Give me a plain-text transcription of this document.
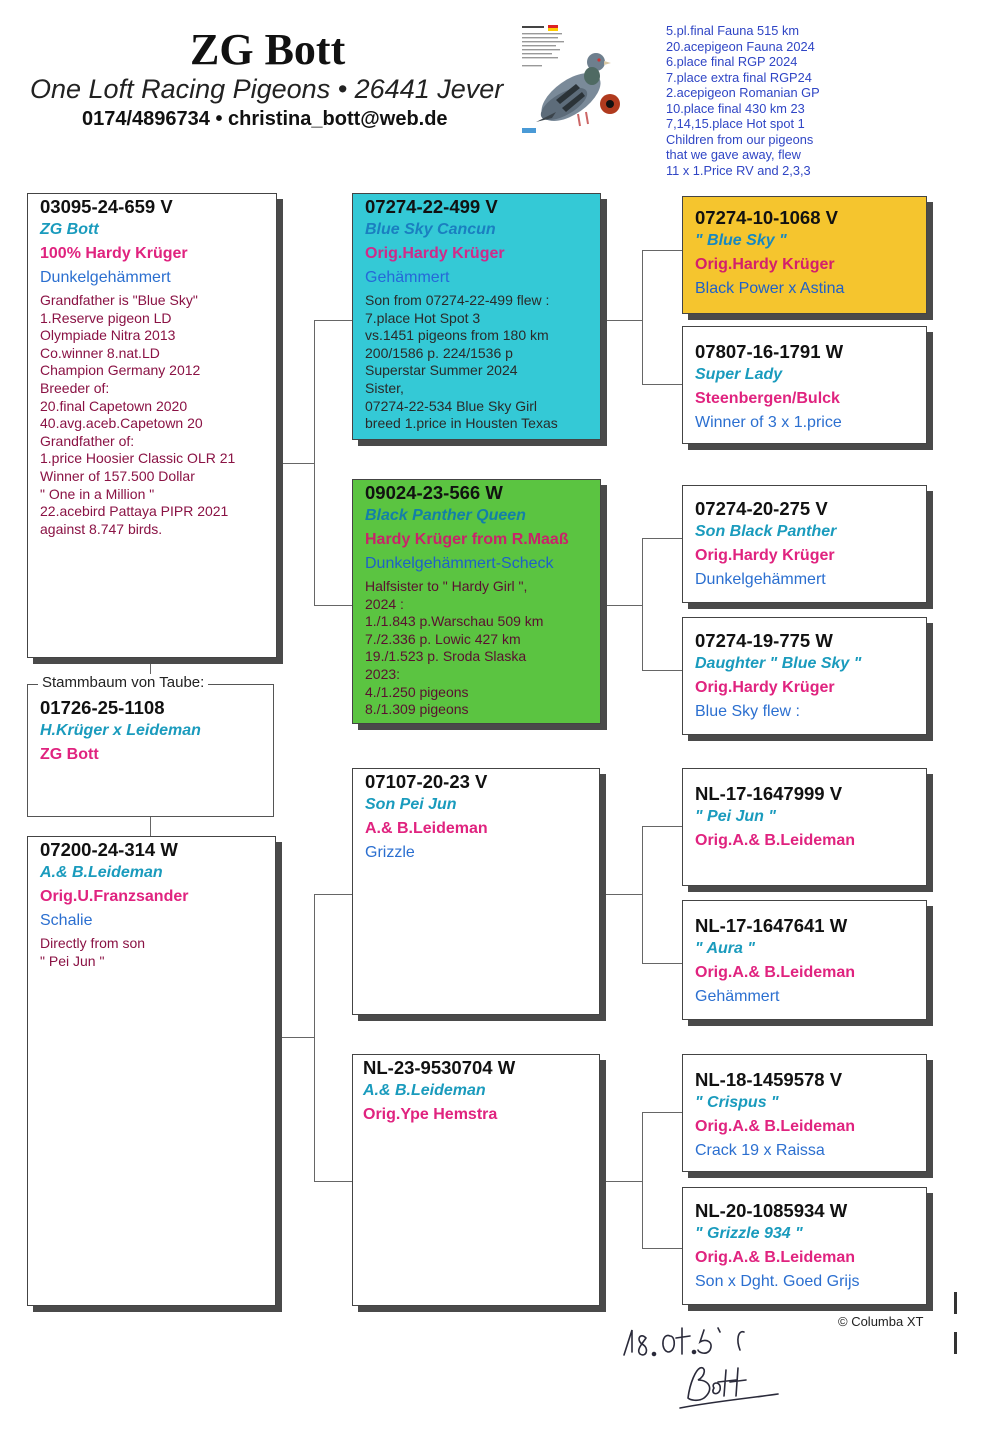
ZG Bott
One Loft Racing Pigeons • 26441 Jever
0174/4896734 • christina_bott@web.de
5.pl.final Fauna 515 km
20.acepigeon Fauna 2024
6.place final RGP 2024
7.place extra final RGP24
2.acepigeon Romanian GP
10.place final 430 km 23
7,14,15.place Hot spot 1
Children from our pigeons
that we gave away, flew
11 x 1.Price RV and 2,3,3
03095-24-659 V
ZG Bott
100% Hardy Krüger
Dunkelgehämmert
Grandfather is "Blue Sky"
1.Reserve pigeon LD
Olympiade Nitra 2013
Co.winner 8.nat.LD
Champion Germany 2012
Breeder of:
20.final Capetown 2020
40.avg.aceb.Capetown 20
Grandfather of:
1.price Hoosier Classic OLR 21
Winner of 157.500 Dollar
" One in a Million "
22.acebird Pattaya PIPR 2021
against 8.747 birds.
01726-25-1108
H.Krüger x Leideman
ZG Bott
Stammbaum von Taube:
07200-24-314 W
A.& B.Leideman
Orig.U.Franzsander
Schalie
Directly from son
" Pei Jun "
07274-22-499 V
Blue Sky Cancun
Orig.Hardy Krüger
Gehämmert
Son from 07274-22-499 flew :
7.place Hot Spot 3
vs.1451 pigeons from 180 km
200/1586 p. 224/1536 p
Superstar Summer 2024
Sister,
07274-22-534 Blue Sky Girl
breed 1.price in Housten Texas
09024-23-566 W
Black Panther Queen
Hardy Krüger from R.Maaß
Dunkelgehämmert-Scheck
Halfsister to " Hardy Girl ",
2024 :
1./1.843 p.Warschau 509 km
7./2.336 p. Lowic 427 km
19./1.523 p. Sroda Slaska
2023:
4./1.250 pigeons
8./1.309 pigeons
07107-20-23 V
Son Pei Jun
A.& B.Leideman
Grizzle
NL-23-9530704 W
A.& B.Leideman
Orig.Ype Hemstra
07274-10-1068 V
" Blue Sky "
Orig.Hardy Krüger
Black Power x Astina
07807-16-1791 W
Super Lady
Steenbergen/Bulck
Winner of 3 x 1.price
07274-20-275 V
Son Black Panther
Orig.Hardy Krüger
Dunkelgehämmert
07274-19-775 W
Daughter " Blue Sky "
Orig.Hardy Krüger
Blue Sky flew :
NL-17-1647999 V
" Pei Jun "
Orig.A.& B.Leideman
NL-17-1647641 W
" Aura "
Orig.A.& B.Leideman
Gehämmert
NL-18-1459578 V
" Crispus "
Orig.A.& B.Leideman
Crack 19 x Raissa
NL-20-1085934 W
" Grizzle 934 "
Orig.A.& B.Leideman
Son x Dght. Goed Grijs
© Columba XT
